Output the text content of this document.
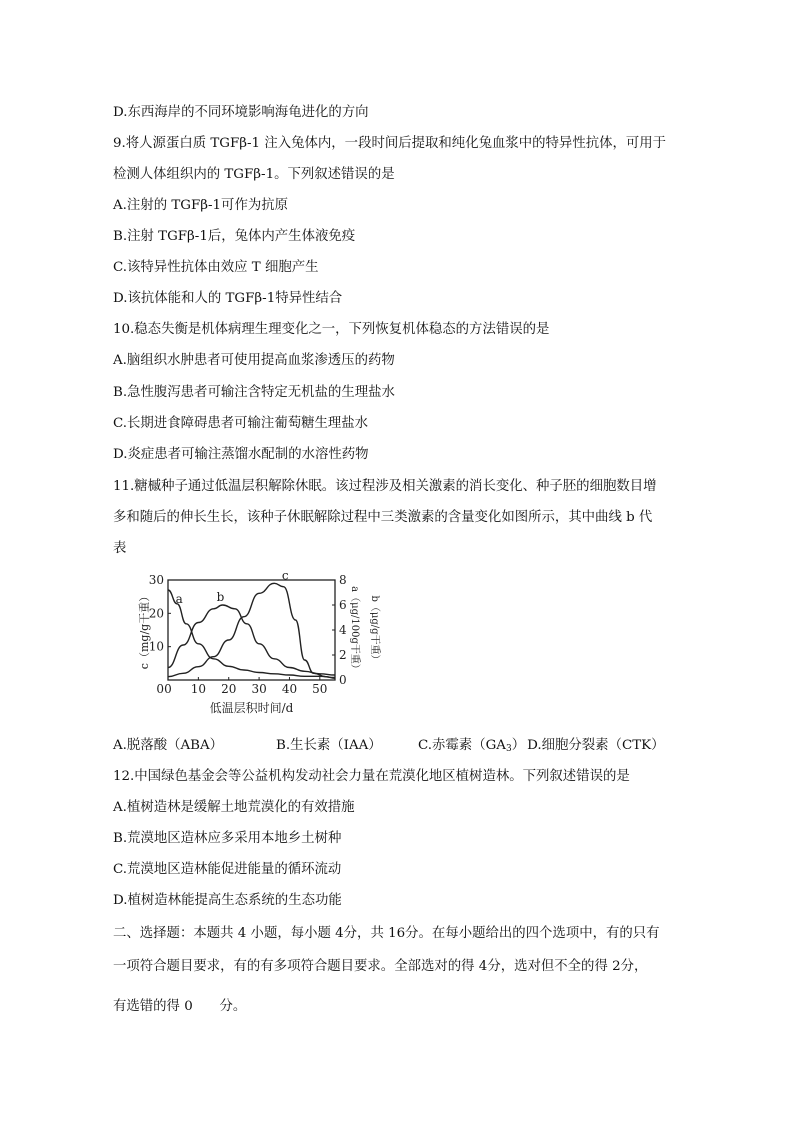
D.东西海岸的不同环境影响海龟进化的方向
9.将人源蛋白质 TGFβ-1 注入兔体内，一段时间后提取和纯化兔血浆中的特异性抗体，可用于
检测人体组织内的 TGFβ-1。下列叙述错误的是
A.注射的 TGFβ-1可作为抗原
B.注射 TGFβ-1后，兔体内产生体液免疫
C.该特异性抗体由效应 T 细胞产生
D.该抗体能和人的 TGFβ-1特异性结合
10.稳态失衡是机体病理生理变化之一，下列恢复机体稳态的方法错误的是
A.脑组织水肿患者可使用提高血浆渗透压的药物
B.急性腹泻患者可输注含特定无机盐的生理盐水
C.长期进食障碍患者可输注葡萄糖生理盐水
D.炎症患者可输注蒸馏水配制的水溶性药物
11.糖槭种子通过低温层积解除休眠。该过程涉及相关激素的消长变化、种子胚的细胞数目增
多和随后的伸长生长，该种子休眠解除过程中三类激素的含量变化如图所示，其中曲线 b 代
表
0 10 20 30 40 50
10
20
30
0
0
2
4
6
8
a	b
c
低温层积时间/d
c（mg/g干重）	a（μg/100g干重） b（μg/g干重）
A.脱落酸（ABA）	B.生长素（IAA）	C.赤霉素（GA3） D.细胞分裂素（CTK）
12.中国绿色基金会等公益机构发动社会力量在荒漠化地区植树造林。下列叙述错误的是
A.植树造林是缓解土地荒漠化的有效措施
B.荒漠地区造林应多采用本地乡土树种
C.荒漠地区造林能促进能量的循环流动
D.植树造林能提高生态系统的生态功能
二、选择题：本题共 4 小题，每小题 4分，共 16分。在每小题给出的四个选项中，有的只有
一项符合题目要求，有的有多项符合题目要求。全部选对的得 4分，选对但不全的得 2分，
有选错的得 0　　分。
